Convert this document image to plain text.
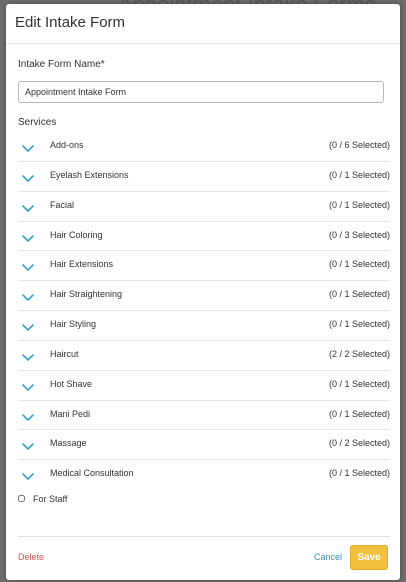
Edit Intake Form
Intake Form Name*
Appointment Intake Form
Services
Add-ons	(0 / 6 Selected)
Eyelash Extensions	(0 / 1 Selected)
Facial	(0 / 1 Selected)
Hair Coloring	(0 / 3 Selected)
Hair Extensions	(0 / 1 Selected)
Hair Straightening	(0 / 1 Selected)
Hair Styling	(0 / 1 Selected)
Haircut	(2 / 2 Selected)
Hot Shave	(0 / 1 Selected)
Mani Pedi	(0 / 1 Selected)
Massage	(0 / 2 Selected)
Medical Consultation	(0 / 1 Selected)
For Staff
Delete	Cancel	Save
